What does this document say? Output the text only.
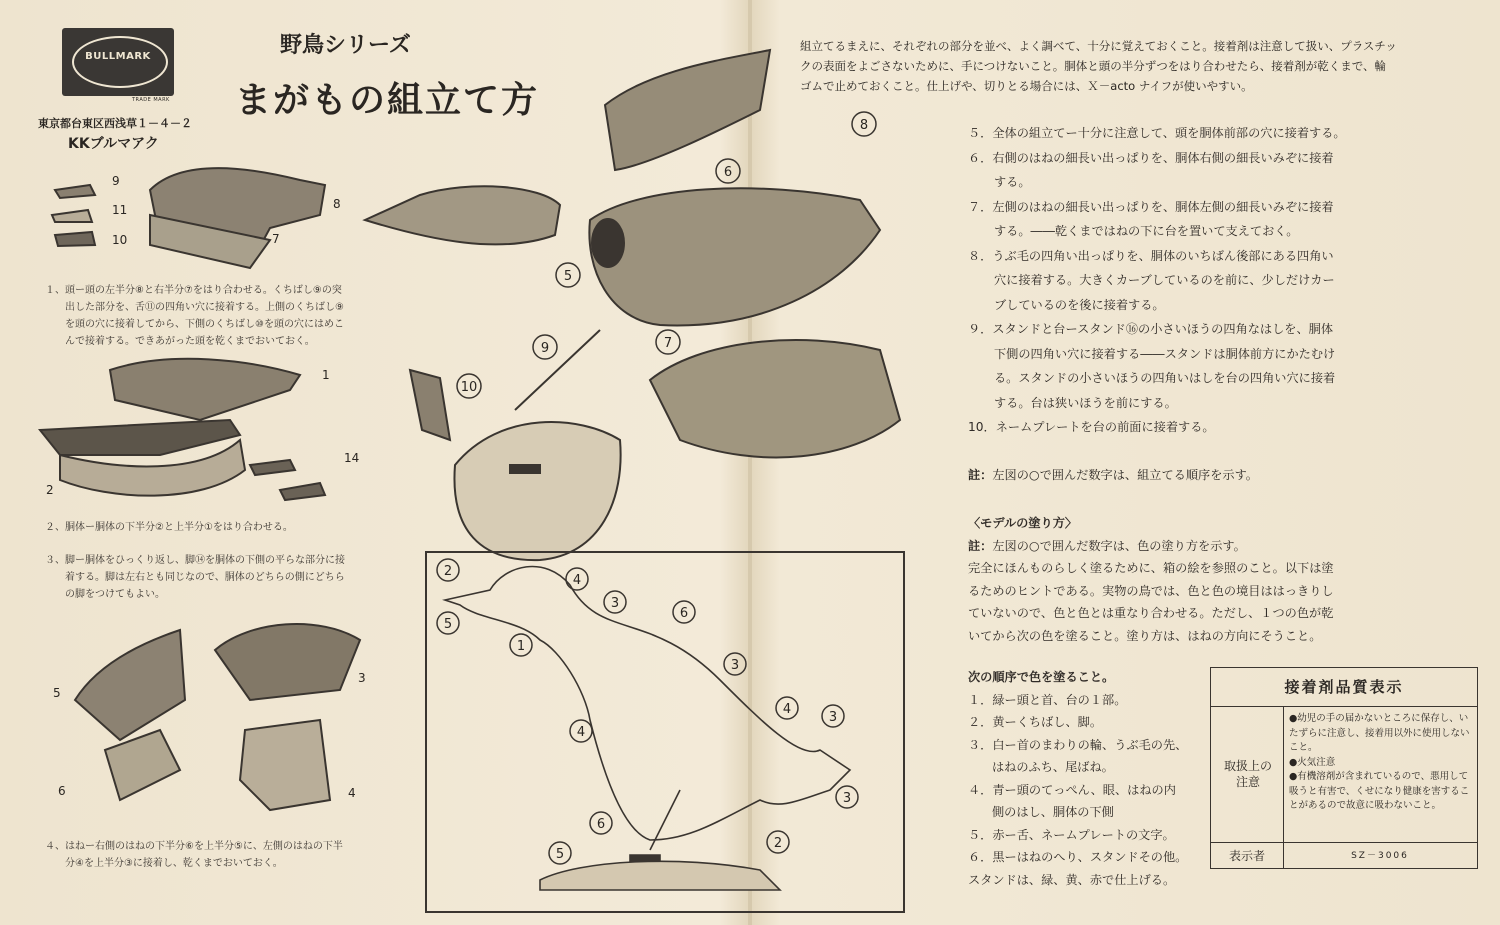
BULLMARK
TRADE MARK
野鳥シリーズ
まがもの組立て方
東京都台東区西浅草１－４－２
KKブルマアク
8
6
5
7
9
10
2
5
4
3
1
6
3
4
4
3
3
2
6
5
9
11
10
8
7
1
2
14
5
6
3
4
１、頭ー頭の左半分⑧と右半分⑦をはり合わせる。くちばし⑨の突
出した部分を、舌⑪の四角い穴に接着する。上側のくちばし⑨
を頭の穴に接着してから、下側のくちばし⑩を頭の穴にはめこ
んで接着する。できあがった頭を乾くまでおいておく。
２、胴体ー胴体の下半分②と上半分①をはり合わせる。
３、脚ー胴体をひっくり返し、脚⑭を胴体の下側の平らな部分に接
着する。脚は左右とも同じなので、胴体のどちらの側にどちら
の脚をつけてもよい。
４、はねー右側のはねの下半分⑥を上半分⑤に、左側のはねの下半
分④を上半分③に接着し、乾くまでおいておく。
組立てるまえに、それぞれの部分を並べ、よく調べて、十分に覚えておくこと。接着剤は注意して扱い、プラスチッ
クの表面をよごさないために、手につけないこと。胴体と頭の半分ずつをはり合わせたら、接着剤が乾くまで、輪
ゴムで止めておくこと。仕上げや、切りとる場合には、Ｘ－acto ナイフが使いやすい。
５．全体の組立てー十分に注意して、頭を胴体前部の穴に接着する。
６．右側のはねの細長い出っぱりを、胴体右側の細長いみぞに接着
する。
７．左側のはねの細長い出っぱりを、胴体左側の細長いみぞに接着
する。――乾くまではねの下に台を置いて支えておく。
８．うぶ毛の四角い出っぱりを、胴体のいちばん後部にある四角い
穴に接着する。大きくカーブしているのを前に、少しだけカー
ブしているのを後に接着する。
９．スタンドと台ースタンド⑯の小さいほうの四角なはしを、胴体
下側の四角い穴に接着する――スタンドは胴体前方にかたむけ
る。スタンドの小さいほうの四角いはしを台の四角い穴に接着
する。台は狭いほうを前にする。
10．ネームプレートを台の前面に接着する。
註：左図の○で囲んだ数字は、組立てる順序を示す。
〈モデルの塗り方〉
註：左図の○で囲んだ数字は、色の塗り方を示す。
完全にほんものらしく塗るために、箱の絵を参照のこと。以下は塗
るためのヒントである。実物の鳥では、色と色の境目ははっきりし
ていないので、色と色とは重なり合わせる。ただし、１つの色が乾
いてから次の色を塗ること。塗り方は、はねの方向にそうこと。
次の順序で色を塗ること。
１．緑ー頭と首、台の１部。
２．黄ーくちばし、脚。
３．白ー首のまわりの輪、うぶ毛の先、
はねのふち、尾ばね。
４．青ー頭のてっぺん、眼、はねの内
側のはし、胴体の下側
５．赤ー舌、ネームプレートの文字。
６．黒ーはねのへり、スタンドその他。
スタンドは、緑、黄、赤で仕上げる。
接着剤品質表示
取扱上の注意
●幼児の手の届かないところに保存し、いたずらに注意し、接着用以外に使用しないこと。
●火気注意
●有機溶剤が含まれているので、悪用して吸うと有害で、くせになり健康を害することがあるので故意に吸わないこと。
表示者	SZ－3006
